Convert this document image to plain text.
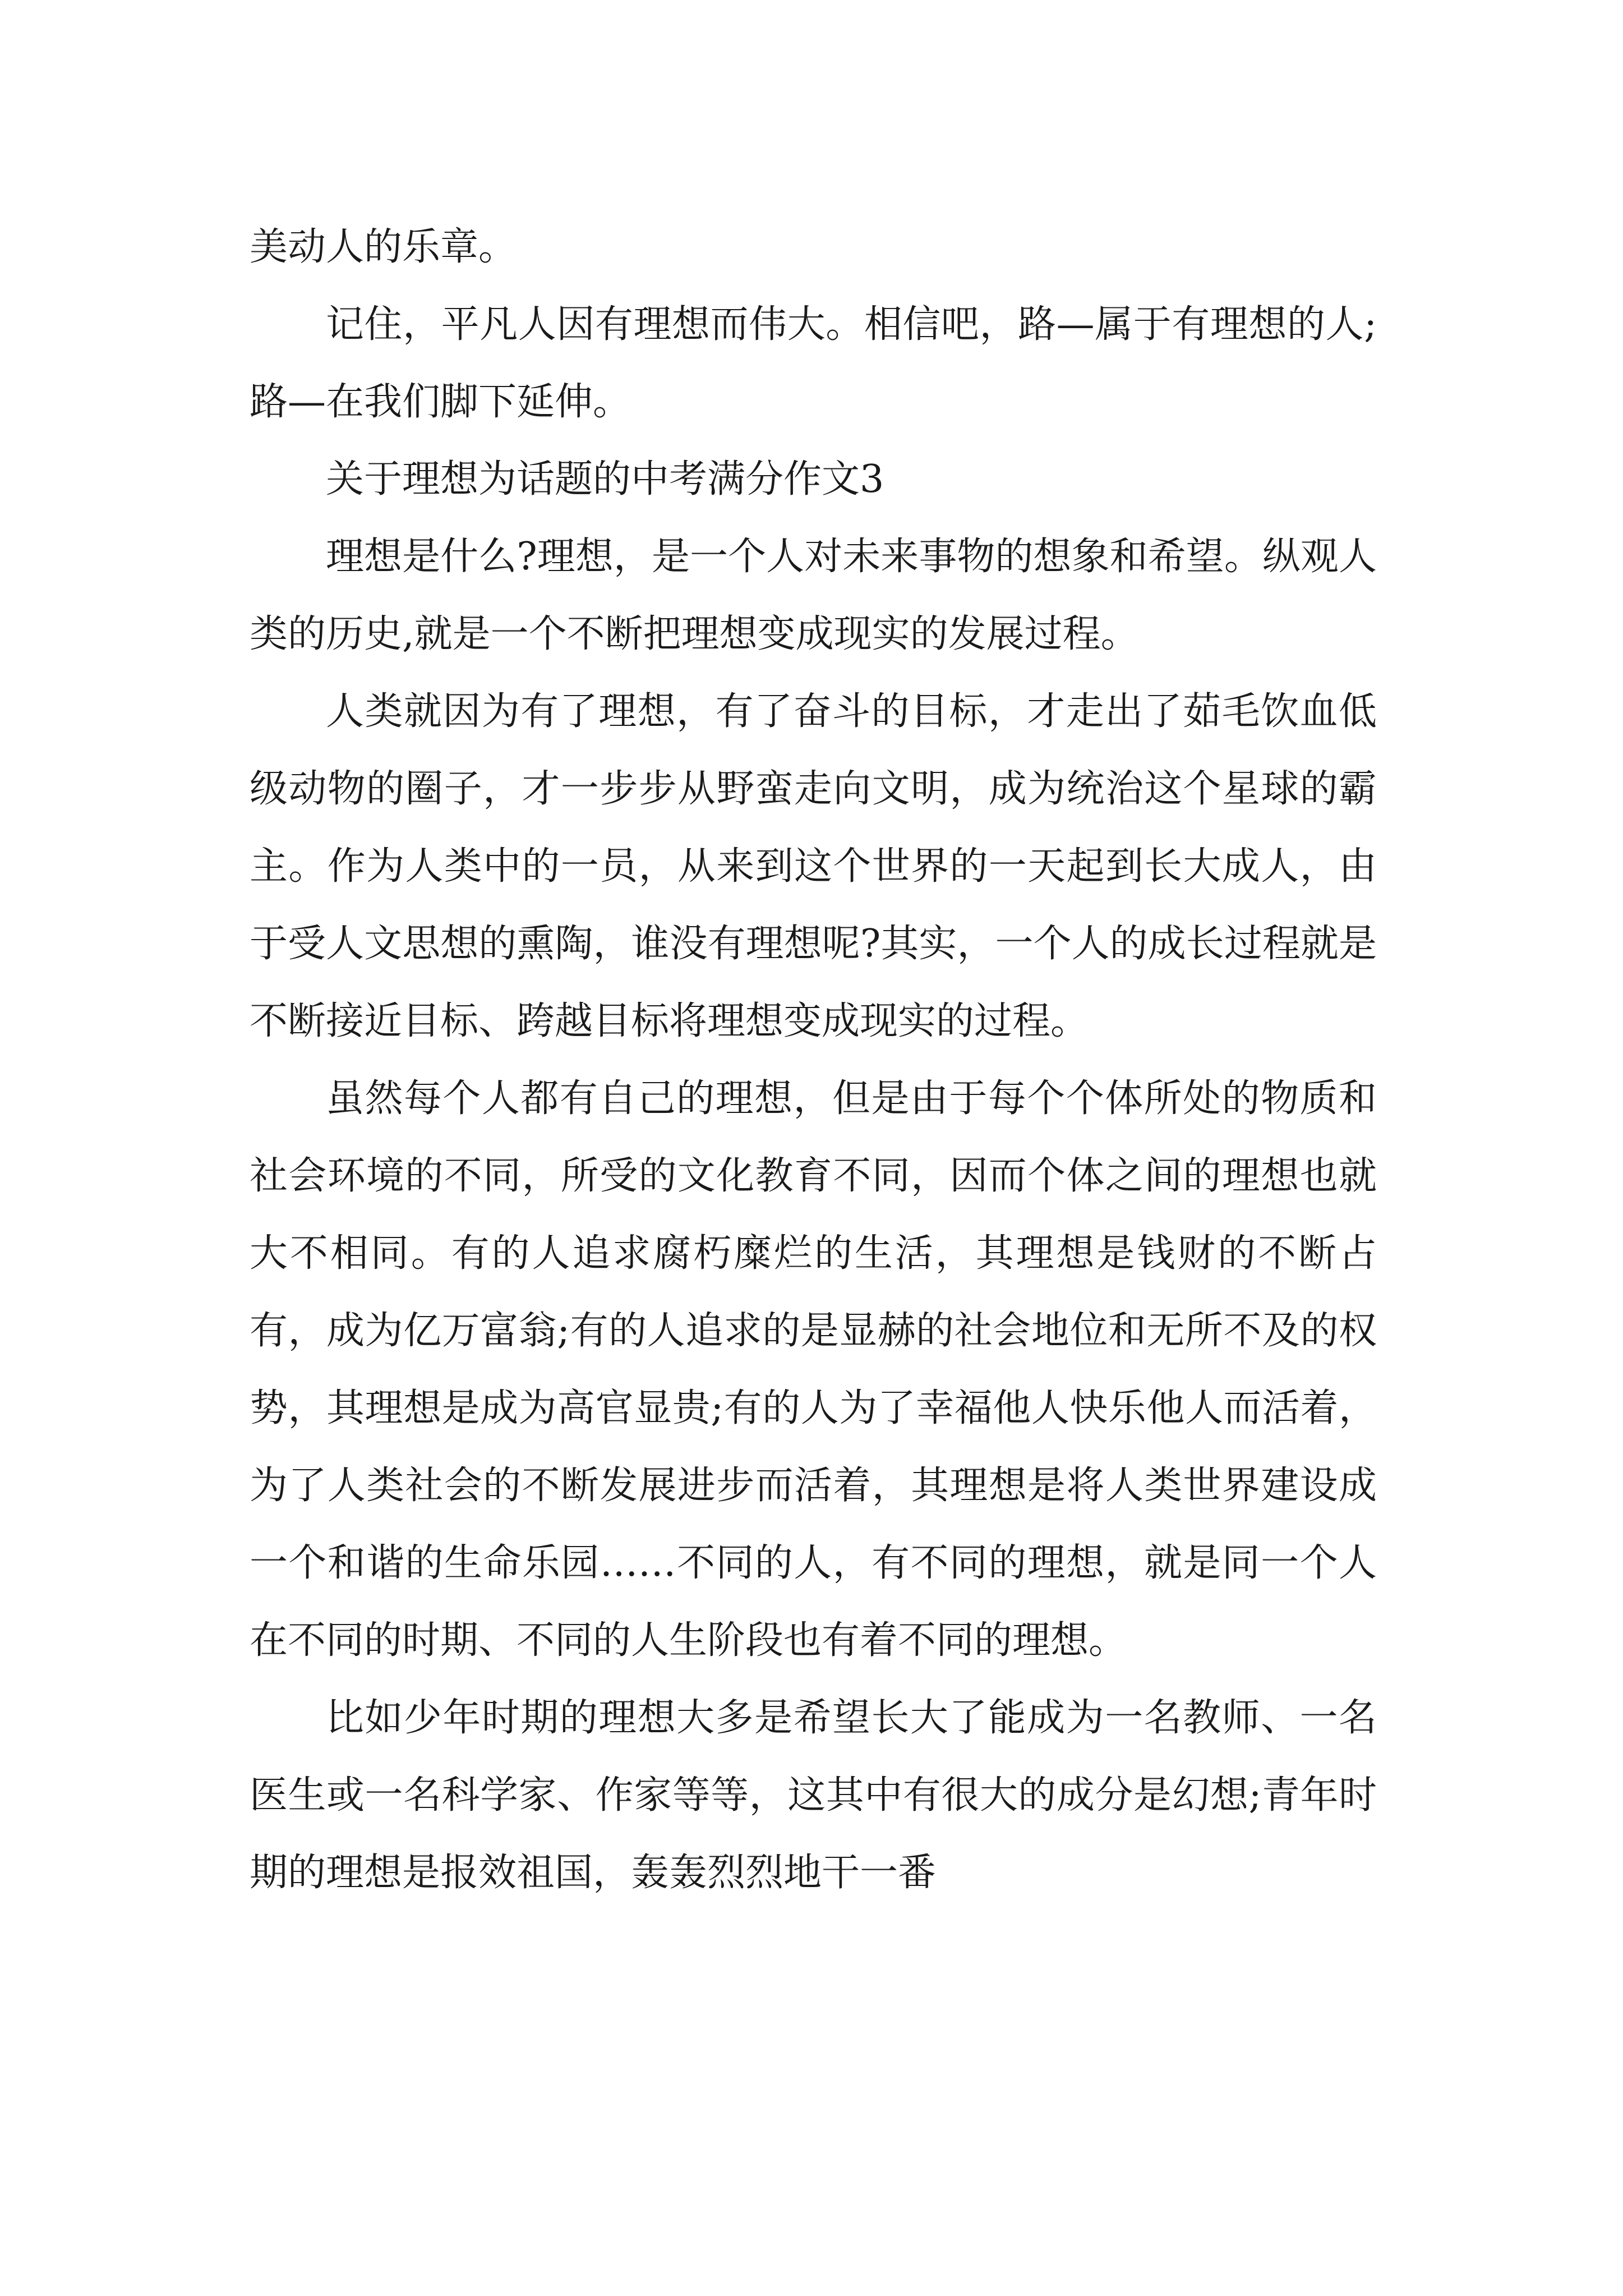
美动人的乐章。

记住，平凡人因有理想而伟大。相信吧，路—属于有理想的人;路—在我们脚下延伸。

关于理想为话题的中考满分作文3

理想是什么?理想，是一个人对未来事物的想象和希望。纵观人类的历史,就是一个不断把理想变成现实的发展过程。

人类就因为有了理想，有了奋斗的目标，才走出了茹毛饮血低级动物的圈子，才一步步从野蛮走向文明，成为统治这个星球的霸主。作为人类中的一员，从来到这个世界的一天起到长大成人，由于受人文思想的熏陶，谁没有理想呢?其实，一个人的成长过程就是不断接近目标、跨越目标将理想变成现实的过程。

虽然每个人都有自己的理想，但是由于每个个体所处的物质和社会环境的不同，所受的文化教育不同，因而个体之间的理想也就大不相同。有的人追求腐朽糜烂的生活，其理想是钱财的不断占有，成为亿万富翁;有的人追求的是显赫的社会地位和无所不及的权势，其理想是成为高官显贵;有的人为了幸福他人快乐他人而活着，为了人类社会的不断发展进步而活着，其理想是将人类世界建设成一个和谐的生命乐园……不同的人，有不同的理想，就是同一个人在不同的时期、不同的人生阶段也有着不同的理想。

比如少年时期的理想大多是希望长大了能成为一名教师、一名医生或一名科学家、作家等等，这其中有很大的成分是幻想;青年时期的理想是报效祖国，轰轰烈烈地干一番
